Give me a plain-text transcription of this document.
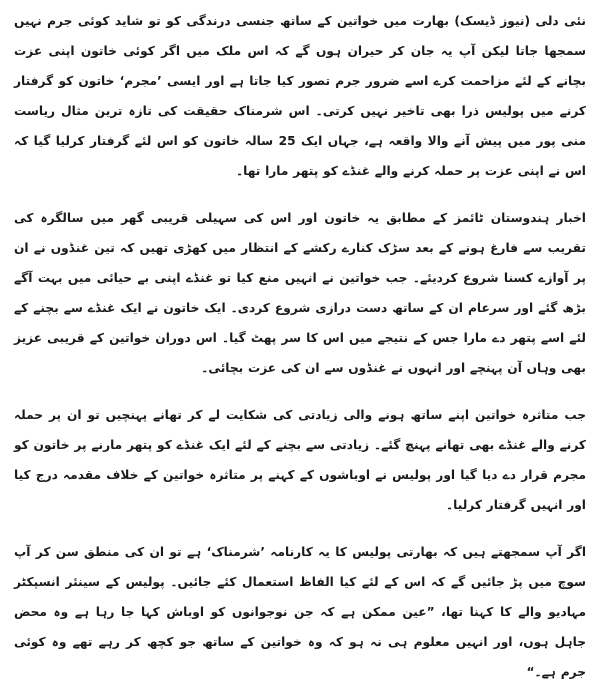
نئی دلی (نیوز ڈیسک) بھارت میں خواتین کے ساتھ جنسی درندگی کو تو شاید کوئی جرم نہیں سمجھا جاتا لیکن آپ یہ جان کر حیران ہوں گے کہ اس ملک میں اگر کوئی خاتون اپنی عزت بچانے کے لئے مزاحمت کرے اسے ضرور جرم تصور کیا جاتا ہے اور ایسی ’مجرم‘ خاتون کو گرفتار کرنے میں پولیس ذرا بھی تاخیر نہیں کرتی۔ اس شرمناک حقیقت کی تازہ ترین مثال ریاست منی پور میں پیش آنے والا واقعہ ہے، جہاں ایک 25 سالہ خاتون کو اس لئے گرفتار کرلیا گیا کہ اس نے اپنی عزت پر حملہ کرنے والے غنڈے کو پتھر مارا تھا۔

اخبار ہندوستان ٹائمز کے مطابق یہ خاتون اور اس کی سہیلی قریبی گھر میں سالگرہ کی تقریب سے فارغ ہونے کے بعد سڑک کنارے رکشے کے انتظار میں کھڑی تھیں کہ تین غنڈوں نے ان پر آوازے کسنا شروع کردیئے۔ جب خواتین نے انہیں منع کیا تو غنڈے اپنی بے حیائی میں بہت آگے بڑھ گئے اور سرعام ان کے ساتھ دست درازی شروع کردی۔ ایک خاتون نے ایک غنڈے سے بچنے کے لئے اسے پتھر دے مارا جس کے نتیجے میں اس کا سر پھٹ گیا۔ اس دوران خواتین کے قریبی عزیز بھی وہاں آن پہنچے اور انہوں نے غنڈوں سے ان کی عزت بچائی۔

جب متاثرہ خواتین اپنے ساتھ ہونے والی زیادتی کی شکایت لے کر تھانے پہنچیں تو ان پر حملہ کرنے والے غنڈے بھی تھانے پہنچ گئے۔ زیادتی سے بچنے کے لئے ایک غنڈے کو پتھر مارنے پر خاتون کو مجرم قرار دے دیا گیا اور پولیس نے اوباشوں کے کہنے پر متاثرہ خواتین کے خلاف مقدمہ درج کیا اور انہیں گرفتار کرلیا۔

اگر آپ سمجھتے ہیں کہ بھارتی پولیس کا یہ کارنامہ ’شرمناک‘ ہے تو ان کی منطق سن کر آپ سوچ میں پڑ جائیں گے کہ اس کے لئے کیا الفاظ استعمال کئے جائیں۔ پولیس کے سینئر انسپکٹر مہادیو والے کا کہنا تھا، ”عین ممکن ہے کہ جن نوجوانوں کو اوباش کہا جا رہا ہے وہ محض جاہل ہوں، اور انہیں معلوم ہی نہ ہو کہ وہ خواتین کے ساتھ جو کچھ کر رہے تھے وہ کوئی جرم ہے۔“
